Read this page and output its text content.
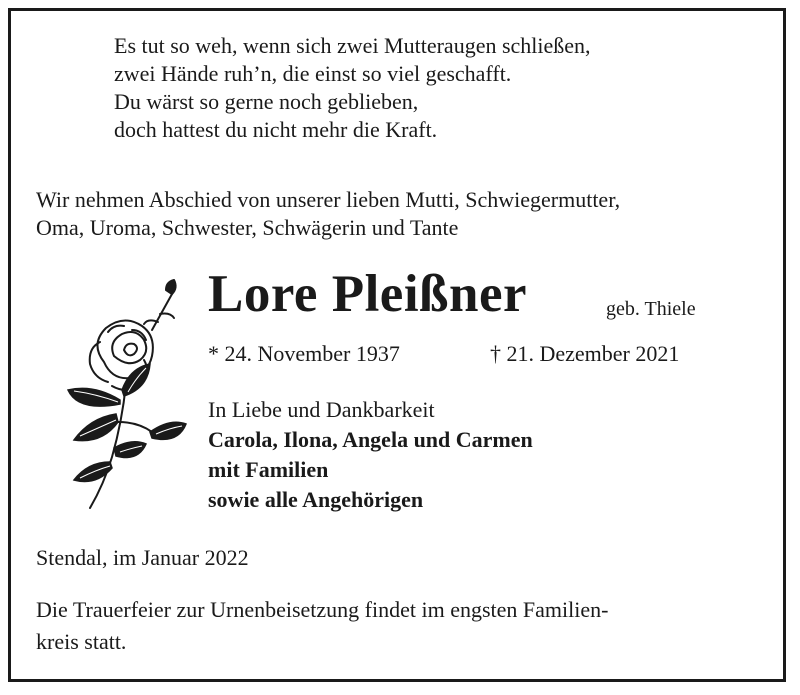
Es tut so weh, wenn sich zwei Mutteraugen schließen,
zwei Hände ruh’n, die einst so viel geschafft.
Du wärst so gerne noch geblieben,
doch hattest du nicht mehr die Kraft.
Wir nehmen Abschied von unserer lieben Mutti, Schwiegermutter,
Oma, Uroma, Schwester, Schwägerin und Tante
Lore Pleißner	geb. Thiele
* 24. November 1937	† 21. Dezember 2021
In Liebe und Dankbarkeit
Carola, Ilona, Angela und Carmen
mit Familien
sowie alle Angehörigen
Stendal, im Januar 2022
Die Trauerfeier zur Urnenbeisetzung findet im engsten Familien-
kreis statt.
